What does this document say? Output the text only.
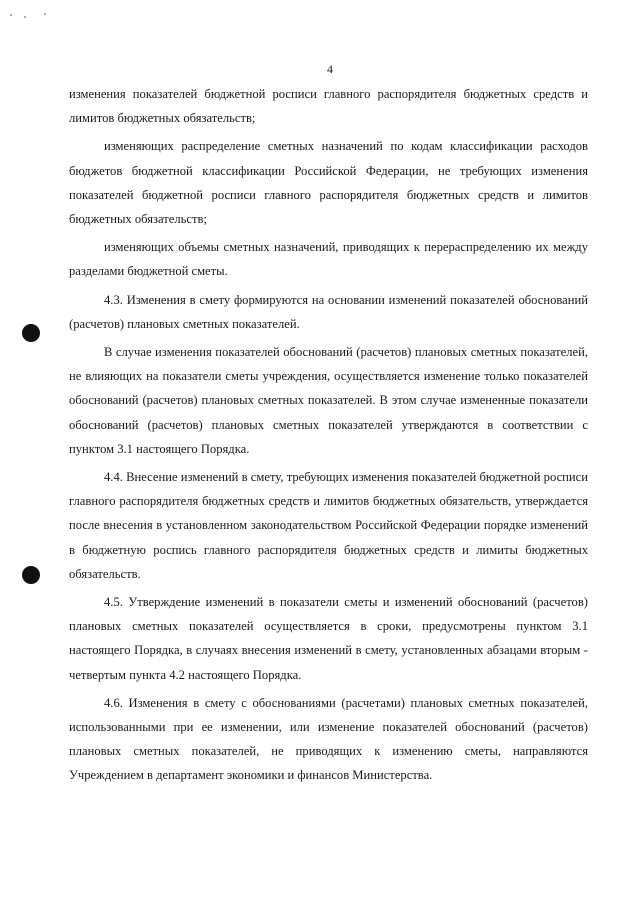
4

изменения показателей бюджетной росписи главного распорядителя бюджетных средств и лимитов бюджетных обязательств;

изменяющих распределение сметных назначений по кодам классификации расходов бюджетов бюджетной классификации Российской Федерации, не требующих изменения показателей бюджетной росписи главного распорядителя бюджетных средств и лимитов бюджетных обязательств;

изменяющих объемы сметных назначений, приводящих к перераспределению их между разделами бюджетной сметы.

4.3. Изменения в смету формируются на основании изменений показателей обоснований (расчетов) плановых сметных показателей.

В случае изменения показателей обоснований (расчетов) плановых сметных показателей, не влияющих на показатели сметы учреждения, осуществляется изменение только показателей обоснований (расчетов) плановых сметных показателей. В этом случае измененные показатели обоснований (расчетов) плановых сметных показателей утверждаются в соответствии с пунктом 3.1 настоящего Порядка.

4.4. Внесение изменений в смету, требующих изменения показателей бюджетной росписи главного распорядителя бюджетных средств и лимитов бюджетных обязательств, утверждается после внесения в установленном законодательством Российской Федерации порядке изменений в бюджетную роспись главного распорядителя бюджетных средств и лимиты бюджетных обязательств.

4.5. Утверждение изменений в показатели сметы и изменений обоснований (расчетов) плановых сметных показателей осуществляется в сроки, предусмотрены пунктом 3.1 настоящего Порядка, в случаях внесения изменений в смету, установленных абзацами вторым - четвертым пункта 4.2 настоящего Порядка.

4.6. Изменения в смету с обоснованиями (расчетами) плановых сметных показателей, использованными при ее изменении, или изменение показателей обоснований (расчетов) плановых сметных показателей, не приводящих к изменению сметы, направляются Учреждением в департамент экономики и финансов Министерства.
